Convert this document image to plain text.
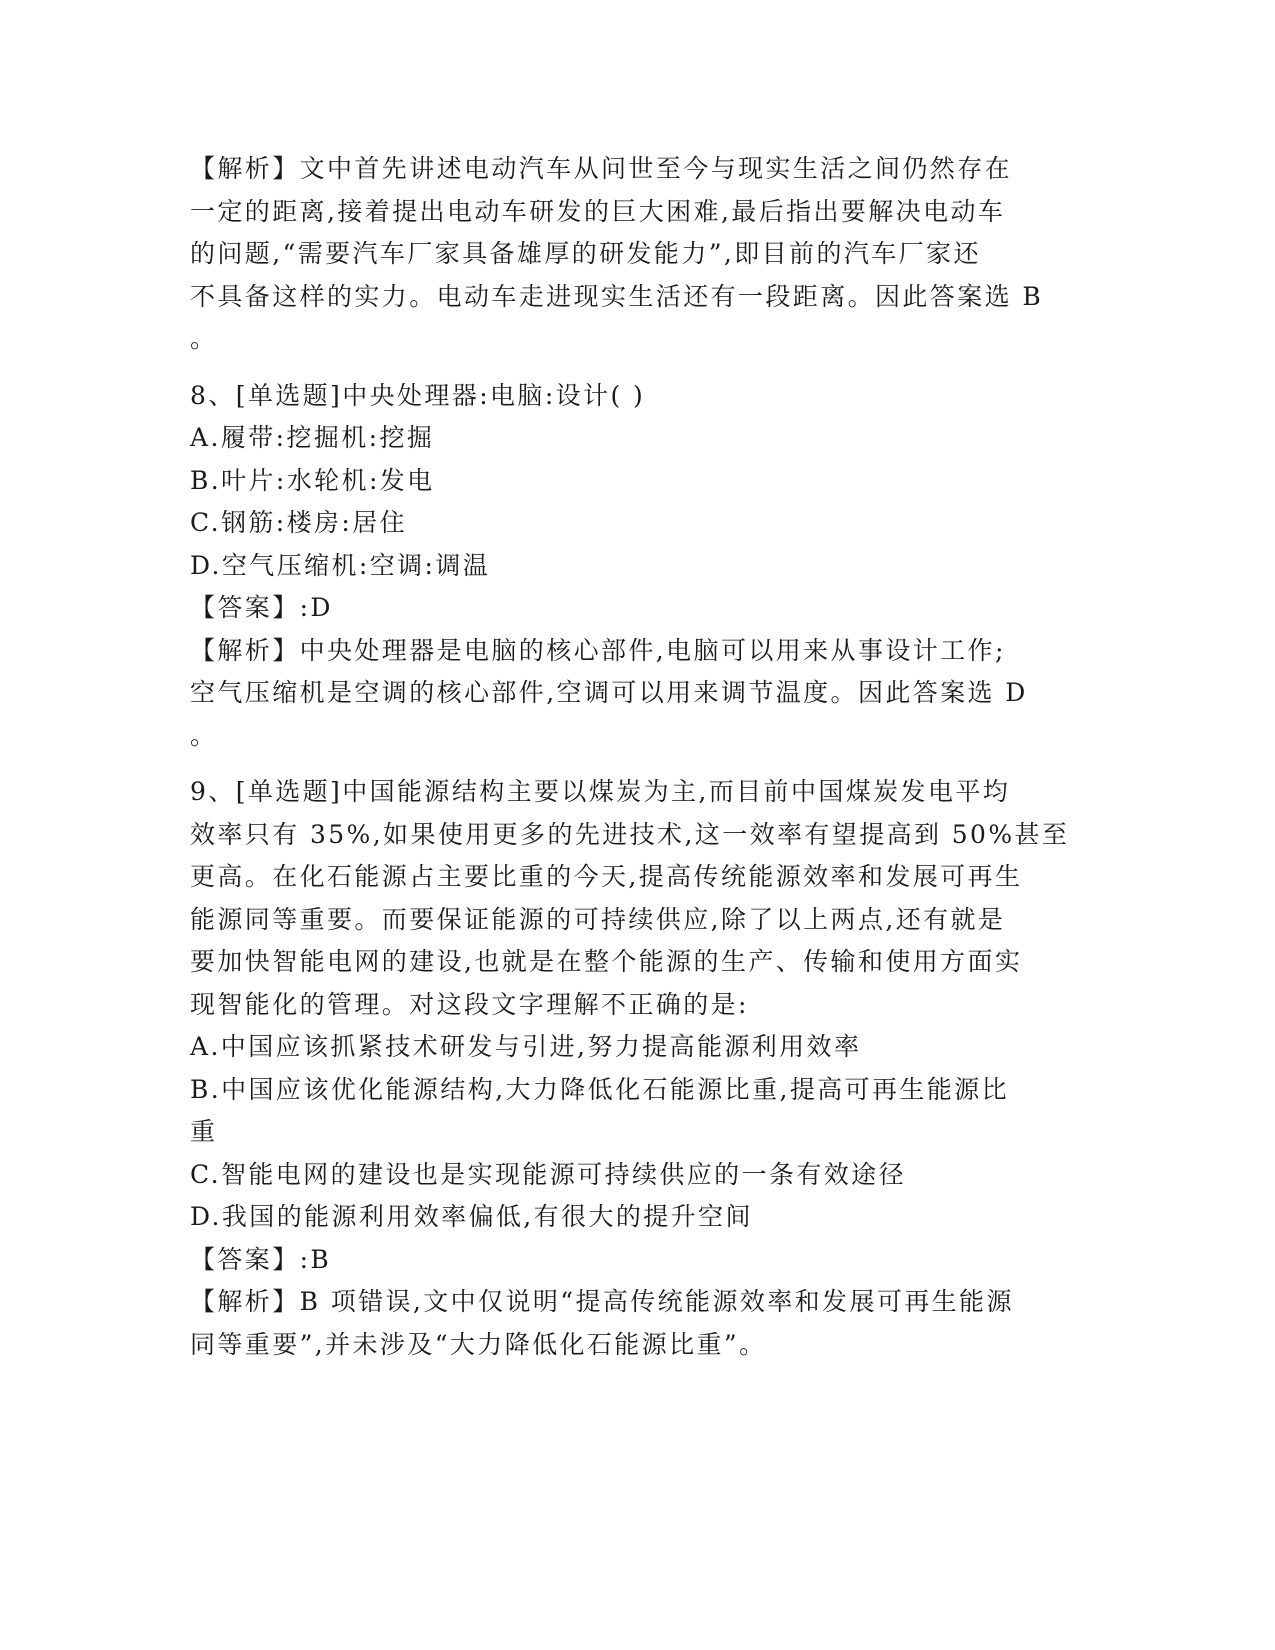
【解析】文中首先讲述电动汽车从问世至今与现实生活之间仍然存在
一定的距离,接着提出电动车研发的巨大困难,最后指出要解决电动车
的问题,“需要汽车厂家具备雄厚的研发能力”,即目前的汽车厂家还
不具备这样的实力。电动车走进现实生活还有一段距离。因此答案选 B
。
8、[单选题]中央处理器:电脑:设计( )
A.履带:挖掘机:挖掘
B.叶片:水轮机:发电
C.钢筋:楼房:居住
D.空气压缩机:空调:调温
【答案】:D
【解析】中央处理器是电脑的核心部件,电脑可以用来从事设计工作;
空气压缩机是空调的核心部件,空调可以用来调节温度。因此答案选 D
。
9、[单选题]中国能源结构主要以煤炭为主,而目前中国煤炭发电平均
效率只有 35%,如果使用更多的先进技术,这一效率有望提高到 50%甚至
更高。在化石能源占主要比重的今天,提高传统能源效率和发展可再生
能源同等重要。而要保证能源的可持续供应,除了以上两点,还有就是
要加快智能电网的建设,也就是在整个能源的生产、传输和使用方面实
现智能化的管理。对这段文字理解不正确的是:
A.中国应该抓紧技术研发与引进,努力提高能源利用效率
B.中国应该优化能源结构,大力降低化石能源比重,提高可再生能源比
重
C.智能电网的建设也是实现能源可持续供应的一条有效途径
D.我国的能源利用效率偏低,有很大的提升空间
【答案】:B
【解析】B 项错误,文中仅说明“提高传统能源效率和发展可再生能源
同等重要”,并未涉及“大力降低化石能源比重”。
